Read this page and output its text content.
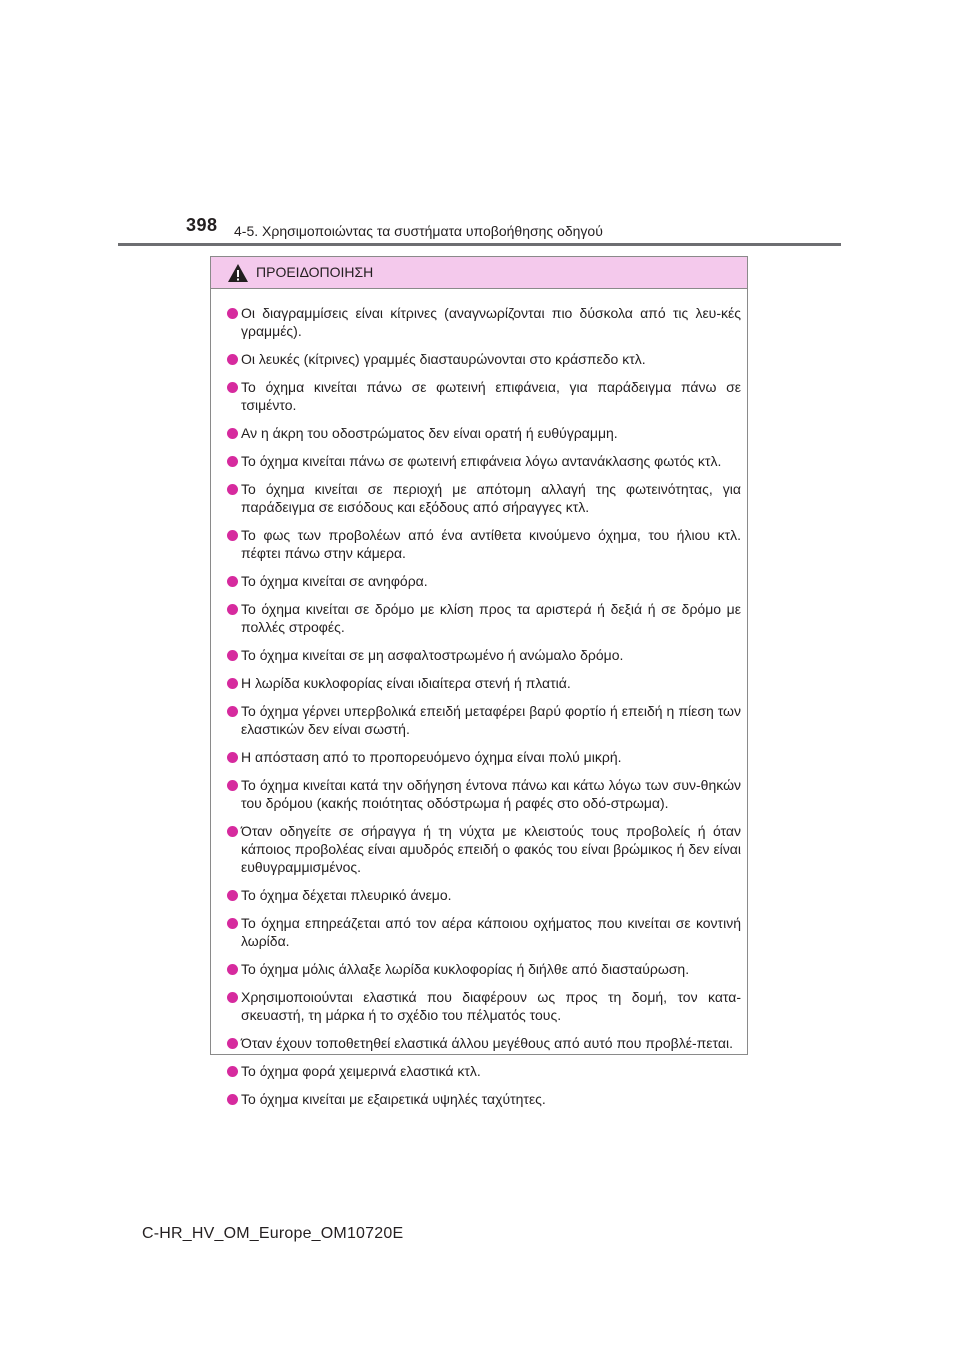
398 4-5. Χρησιμοποιώντας τα συστήματα υποβοήθησης οδηγού
ΠΡΟΕΙΔΟΠΟΙΗΣΗ
Οι διαγραμμίσεις είναι κίτρινες (αναγνωρίζονται πιο δύσκολα από τις λευ-κές γραμμές).
Οι λευκές (κίτρινες) γραμμές διασταυρώνονται στο κράσπεδο κτλ.
Το όχημα κινείται πάνω σε φωτεινή επιφάνεια, για παράδειγμα πάνω σε τσιμέντο.
Αν η άκρη του οδοστρώματος δεν είναι ορατή ή ευθύγραμμη.
Το όχημα κινείται πάνω σε φωτεινή επιφάνεια λόγω αντανάκλασης φωτός κτλ.
Το όχημα κινείται σε περιοχή με απότομη αλλαγή της φωτεινότητας, για παράδειγμα σε εισόδους και εξόδους από σήραγγες κτλ.
Το φως των προβολέων από ένα αντίθετα κινούμενο όχημα, του ήλιου κτλ. πέφτει πάνω στην κάμερα.
Το όχημα κινείται σε ανηφόρα.
Το όχημα κινείται σε δρόμο με κλίση προς τα αριστερά ή δεξιά ή σε δρόμο με πολλές στροφές.
Το όχημα κινείται σε μη ασφαλτοστρωμένο ή ανώμαλο δρόμο.
Η λωρίδα κυκλοφορίας είναι ιδιαίτερα στενή ή πλατιά.
Το όχημα γέρνει υπερβολικά επειδή μεταφέρει βαρύ φορτίο ή επειδή η πίεση των ελαστικών δεν είναι σωστή.
Η απόσταση από το προπορευόμενο όχημα είναι πολύ μικρή.
Το όχημα κινείται κατά την οδήγηση έντονα πάνω και κάτω λόγω των συν-θηκών του δρόμου (κακής ποιότητας οδόστρωμα ή ραφές στο οδό-στρωμα).
Όταν οδηγείτε σε σήραγγα ή τη νύχτα με κλειστούς τους προβολείς ή όταν κάποιος προβολέας είναι αμυδρός επειδή ο φακός του είναι βρώμικος ή δεν είναι ευθυγραμμισμένος.
Το όχημα δέχεται πλευρικό άνεμο.
Το όχημα επηρεάζεται από τον αέρα κάποιου οχήματος που κινείται σε κοντινή λωρίδα.
Το όχημα μόλις άλλαξε λωρίδα κυκλοφορίας ή διήλθε από διασταύρωση.
Χρησιμοποιούνται ελαστικά που διαφέρουν ως προς τη δομή, τον κατα-σκευαστή, τη μάρκα ή το σχέδιο του πέλματός τους.
Όταν έχουν τοποθετηθεί ελαστικά άλλου μεγέθους από αυτό που προβλέ-πεται.
Το όχημα φορά χειμερινά ελαστικά κτλ.
Το όχημα κινείται με εξαιρετικά υψηλές ταχύτητες.
C-HR_HV_OM_Europe_OM10720E
